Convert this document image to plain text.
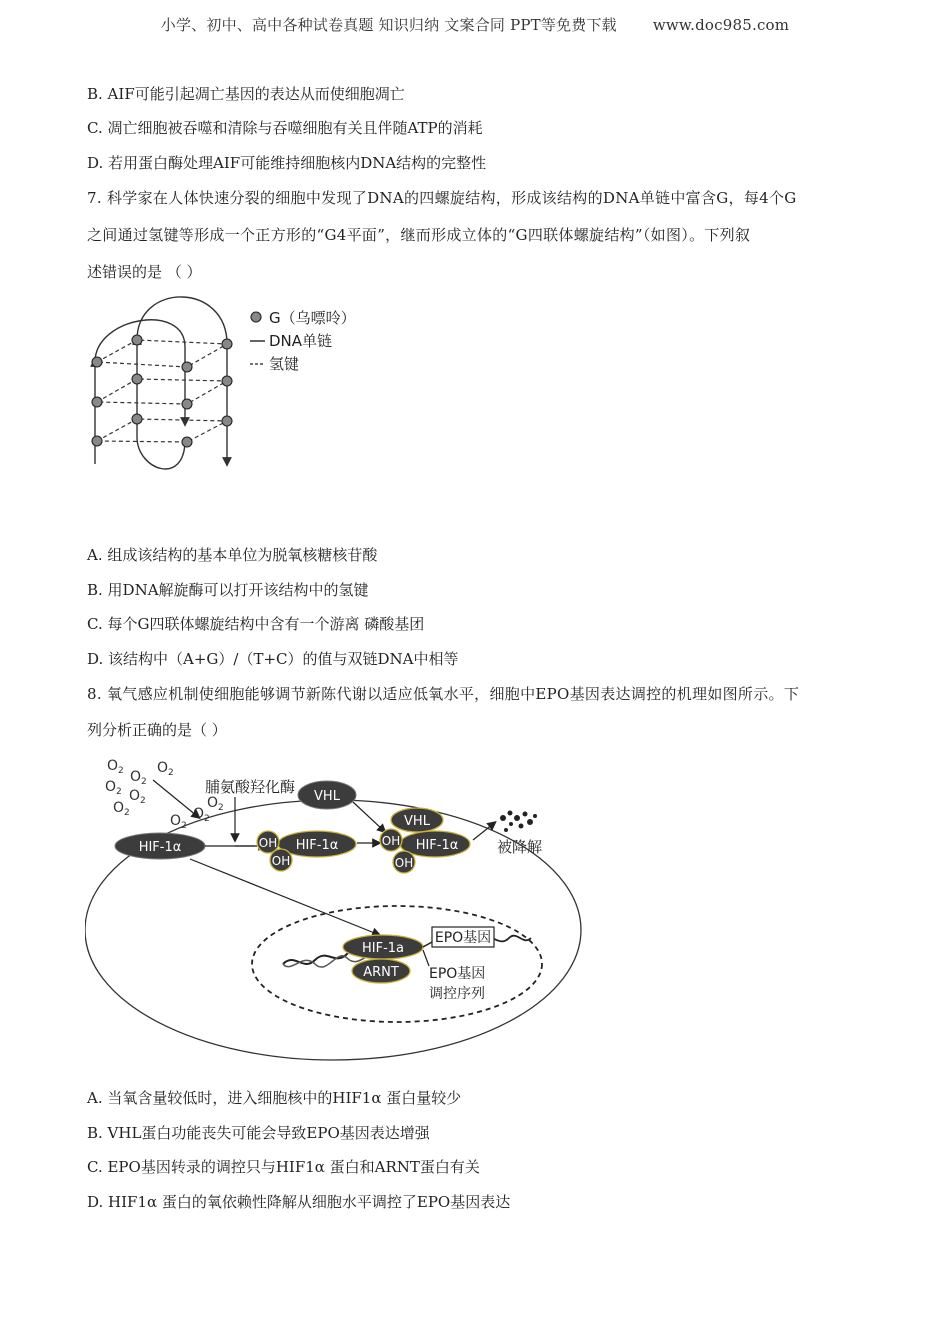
小学、初中、高中各种试卷真题 知识归纳 文案合同 PPT等免费下载 www.doc985.com
B. AIF可能引起凋亡基因的表达从而使细胞凋亡
C. 凋亡细胞被吞噬和清除与吞噬细胞有关且伴随ATP的消耗
D. 若用蛋白酶处理AIF可能维持细胞核内DNA结构的完整性
7. 科学家在人体快速分裂的细胞中发现了DNA的四螺旋结构，形成该结构的DNA单链中富含G，每4个G
之间通过氢键等形成一个正方形的“G4平面”，继而形成立体的“G四联体螺旋结构”（如图）。下列叙
述错误的是 （ ）
G（乌嘌呤）
DNA单链
氢键
A. 组成该结构的基本单位为脱氧核糖核苷酸
B. 用DNA解旋酶可以打开该结构中的氢键
C. 每个G四联体螺旋结构中含有一个游离 磷酸基团
D. 该结构中（A+G）/（T+C）的值与双链DNA中相等
8. 氧气感应机制使细胞能够调节新陈代谢以适应低氧水平，细胞中EPO基因表达调控的机理如图所示。下
列分析正确的是（ ）
$O_2$ $O_2$
$O_2$
$O_2$ $O_2$
$O_2$
$O_2$
$O_2$
$O_2$
脯氨酸羟化酶
HIF-1α	OH
OH
HIF-1α
VHL
VHL
OH
OH
HIF-1α	被降解
HIF-1a
ARNT
EPO基因
EPO基因
调控序列
A. 当氧含量较低时，进入细胞核中的HIF1α 蛋白量较少
B. VHL蛋白功能丧失可能会导致EPO基因表达增强
C. EPO基因转录的调控只与HIF1α 蛋白和ARNT蛋白有关
D. HIF1α 蛋白的氧依赖性降解从细胞水平调控了EPO基因表达
